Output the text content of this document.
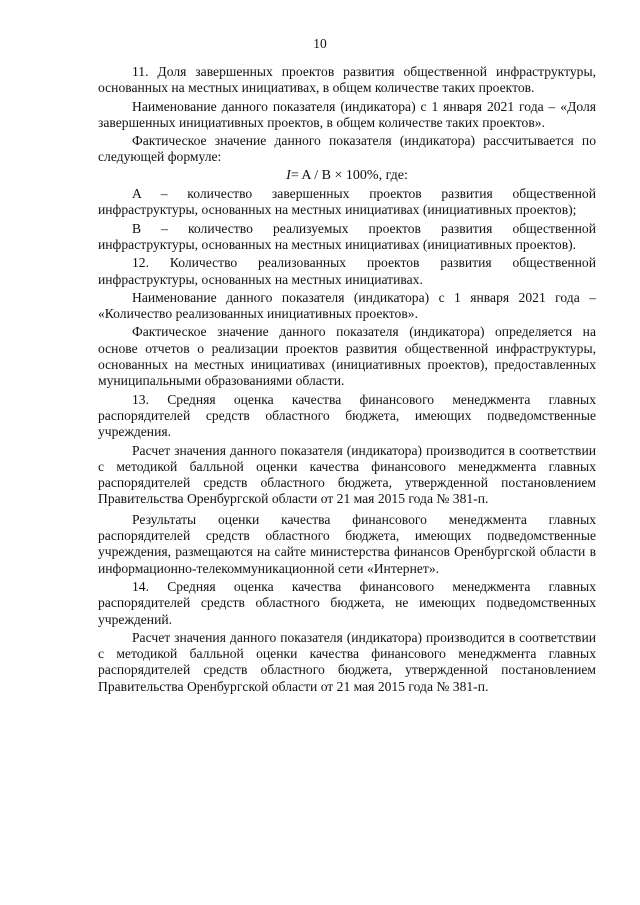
10

11. Доля завершенных проектов развития общественной инфраструктуры, основанных на местных инициативах, в общем количестве таких проектов.

Наименование данного показателя (индикатора) с 1 января 2021 года – «Доля завершенных инициативных проектов, в общем количестве таких проектов».

Фактическое значение данного показателя (индикатора) рассчитывается по следующей формуле:

I= A / B × 100%, где:

A – количество завершенных проектов развития общественной инфраструктуры, основанных на местных инициативах (инициативных проектов);

B – количество реализуемых проектов развития общественной инфраструктуры, основанных на местных инициативах (инициативных проектов).

12. Количество реализованных проектов развития общественной инфраструктуры, основанных на местных инициативах.

Наименование данного показателя (индикатора) с 1 января 2021 года – «Количество реализованных инициативных проектов».

Фактическое значение данного показателя (индикатора) определяется на основе отчетов о реализации проектов развития общественной инфраструктуры, основанных на местных инициативах (инициативных проектов), предоставленных муниципальными образованиями области.

13. Средняя оценка качества финансового менеджмента главных распорядителей средств областного бюджета, имеющих подведомственные учреждения.

Расчет значения данного показателя (индикатора) производится в соответствии с методикой балльной оценки качества финансового менеджмента главных распорядителей средств областного бюджета, утвержденной постановлением Правительства Оренбургской области от 21 мая 2015 года № 381-п.

Результаты оценки качества финансового менеджмента главных распорядителей средств областного бюджета, имеющих подведомственные учреждения, размещаются на сайте министерства финансов Оренбургской области в информационно-телекоммуникационной сети «Интернет».

14. Средняя оценка качества финансового менеджмента главных распорядителей средств областного бюджета, не имеющих подведомственных учреждений.

Расчет значения данного показателя (индикатора) производится в соответствии с методикой балльной оценки качества финансового менеджмента главных распорядителей средств областного бюджета, утвержденной постановлением Правительства Оренбургской области от 21 мая 2015 года № 381-п.
